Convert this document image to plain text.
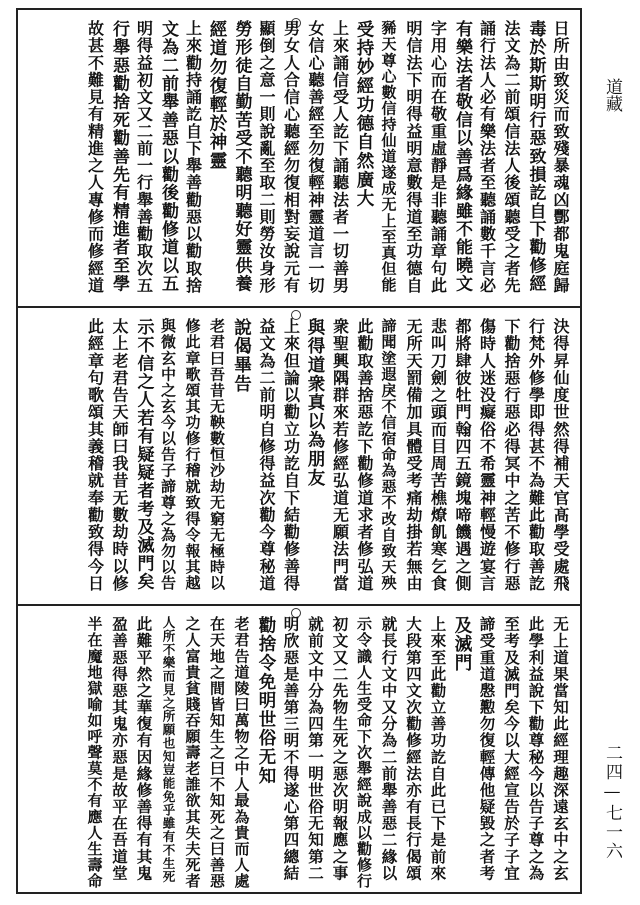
日所由致災而致殘暴魂凶酆都鬼庭歸
毒於斯斯明行惡致損訖自下勸修經
法文為二前頌信法人後頌聽受之者先
誦行法人必有樂法者至聽誦數千言必
有樂法者敬信以善爲緣雖不能曉文
字用心而在敬重虛靜是非聽誦章句此
明信法下明得益明意數得道至功德自
豨天尊心數信持仙道遂成无上至真但能
受持妙經功德自然廣大
上來誦信受人訖下誦聽法者一切善男
女信心聽善經至勿復輕神靈道言一切
男女人合信心聽經勿復相對妄說元有
顯倒之意一則說亂至取二則勞汝身形
勞形徒自勤苦受不聽明聽好靈供養
經道勿復輕於神靈
上來勸持誦訖自下舉善勸惡以勸取捨
文為二前舉善惡以勸後勸修道以五
明得益初文又二前一行舉善勸取次五
行舉惡勸捨死勸善先有精進者至學
故甚不難見有精進之人專修而修經道
決得昇仙度世然得補天官髙學受處飛
行梵外修學即得甚不為難此勸取善訖
下勸捨惡行惡必得冥中之苦不修行惡
傷時人迷没癡俗不希靈神輕慢遊宴言
都將肆彼牡門翰四五鏡塊啼饑遇之側
悲叫刀劍之頭而目周苦樵燎飢寒乞食
无所天罰備加具體受考痛劫掛若無由
諦聞塗遐戾不信宿命為惡不改自致天殃
此勸取善捨惡訖下勸修道求者修弘道
衆聖興隅群來若修經弘道无願法門當
與得道衆真以為朋友
上來但論以勸立功訖自下結勸修善得
益文為二前明自修得益次勸今尊秘道
說偈畢告
老君曰吾昔无鞅數恒沙劫无窮无極時以
修此章歌頌其功修行稽就致得令報其越
與微玄中之玄今以告子諦尊之為勿以告
示不信之人若有疑疑者考及滅門矣
太上老君告天師曰我昔无數劫時以修
此經章句歌頌其義稽就奉勸致得今日
无上道果當知此經理趣深遠玄中之玄
此學利益說下勸尊秘今以告子尊之為
至考及滅門矣今以大經宣告於子子宜
諦受重道慇懃勿復輕傳他疑毀之者考
及滅門
上來至此勸立善功訖自此已下是前來
大段第四文次勸修經法亦有長行偈頌
就長行文中又分為二前舉善惡二緣以
示令識人生受命下次舉經說成以勸修行
初文又二先物生死之惡次明報應之事
就前文中分為四第一明世俗无知第二
明欣惡是善第三明不得遂心第四總結
勸捨令免明世俗无知
老君告道陵曰萬物之中人最為貴而人處
在天地之間皆知生之曰不知死之曰善惡
之人富貴貧賤吞願壽老誰欲其失夫死者
人所不樂而見之所願也知豈能免乎雖有不生死
此難平然之華復有因緣修善得有其鬼
盈善惡得惡其鬼亦惡是故平在吾道堂
半在魔地獄喻如呼聲莫不有應人生壽命
道藏
二四—七一六
